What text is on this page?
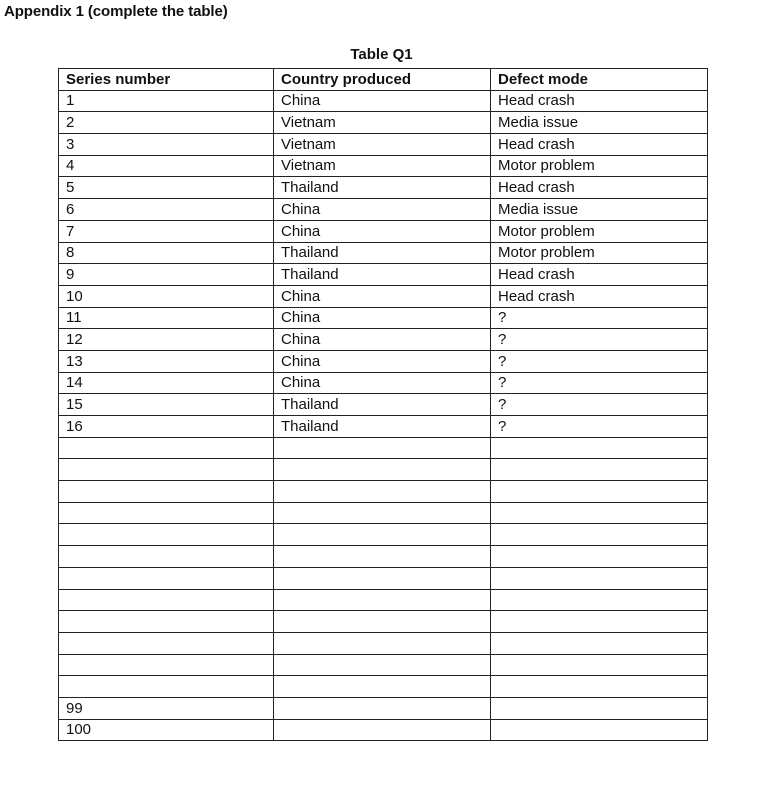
Appendix 1 (complete the table)
Table Q1
Series number	Country produced	Defect mode
1	China	Head crash
2	Vietnam	Media issue
3	Vietnam	Head crash
4	Vietnam	Motor problem
5	Thailand	Head crash
6	China	Media issue
7	China	Motor problem
8	Thailand	Motor problem
9	Thailand	Head crash
10	China	Head crash
11	China	?
12	China	?
13	China	?
14	China	?
15	Thailand	?
16	Thailand	?

99		
100		
